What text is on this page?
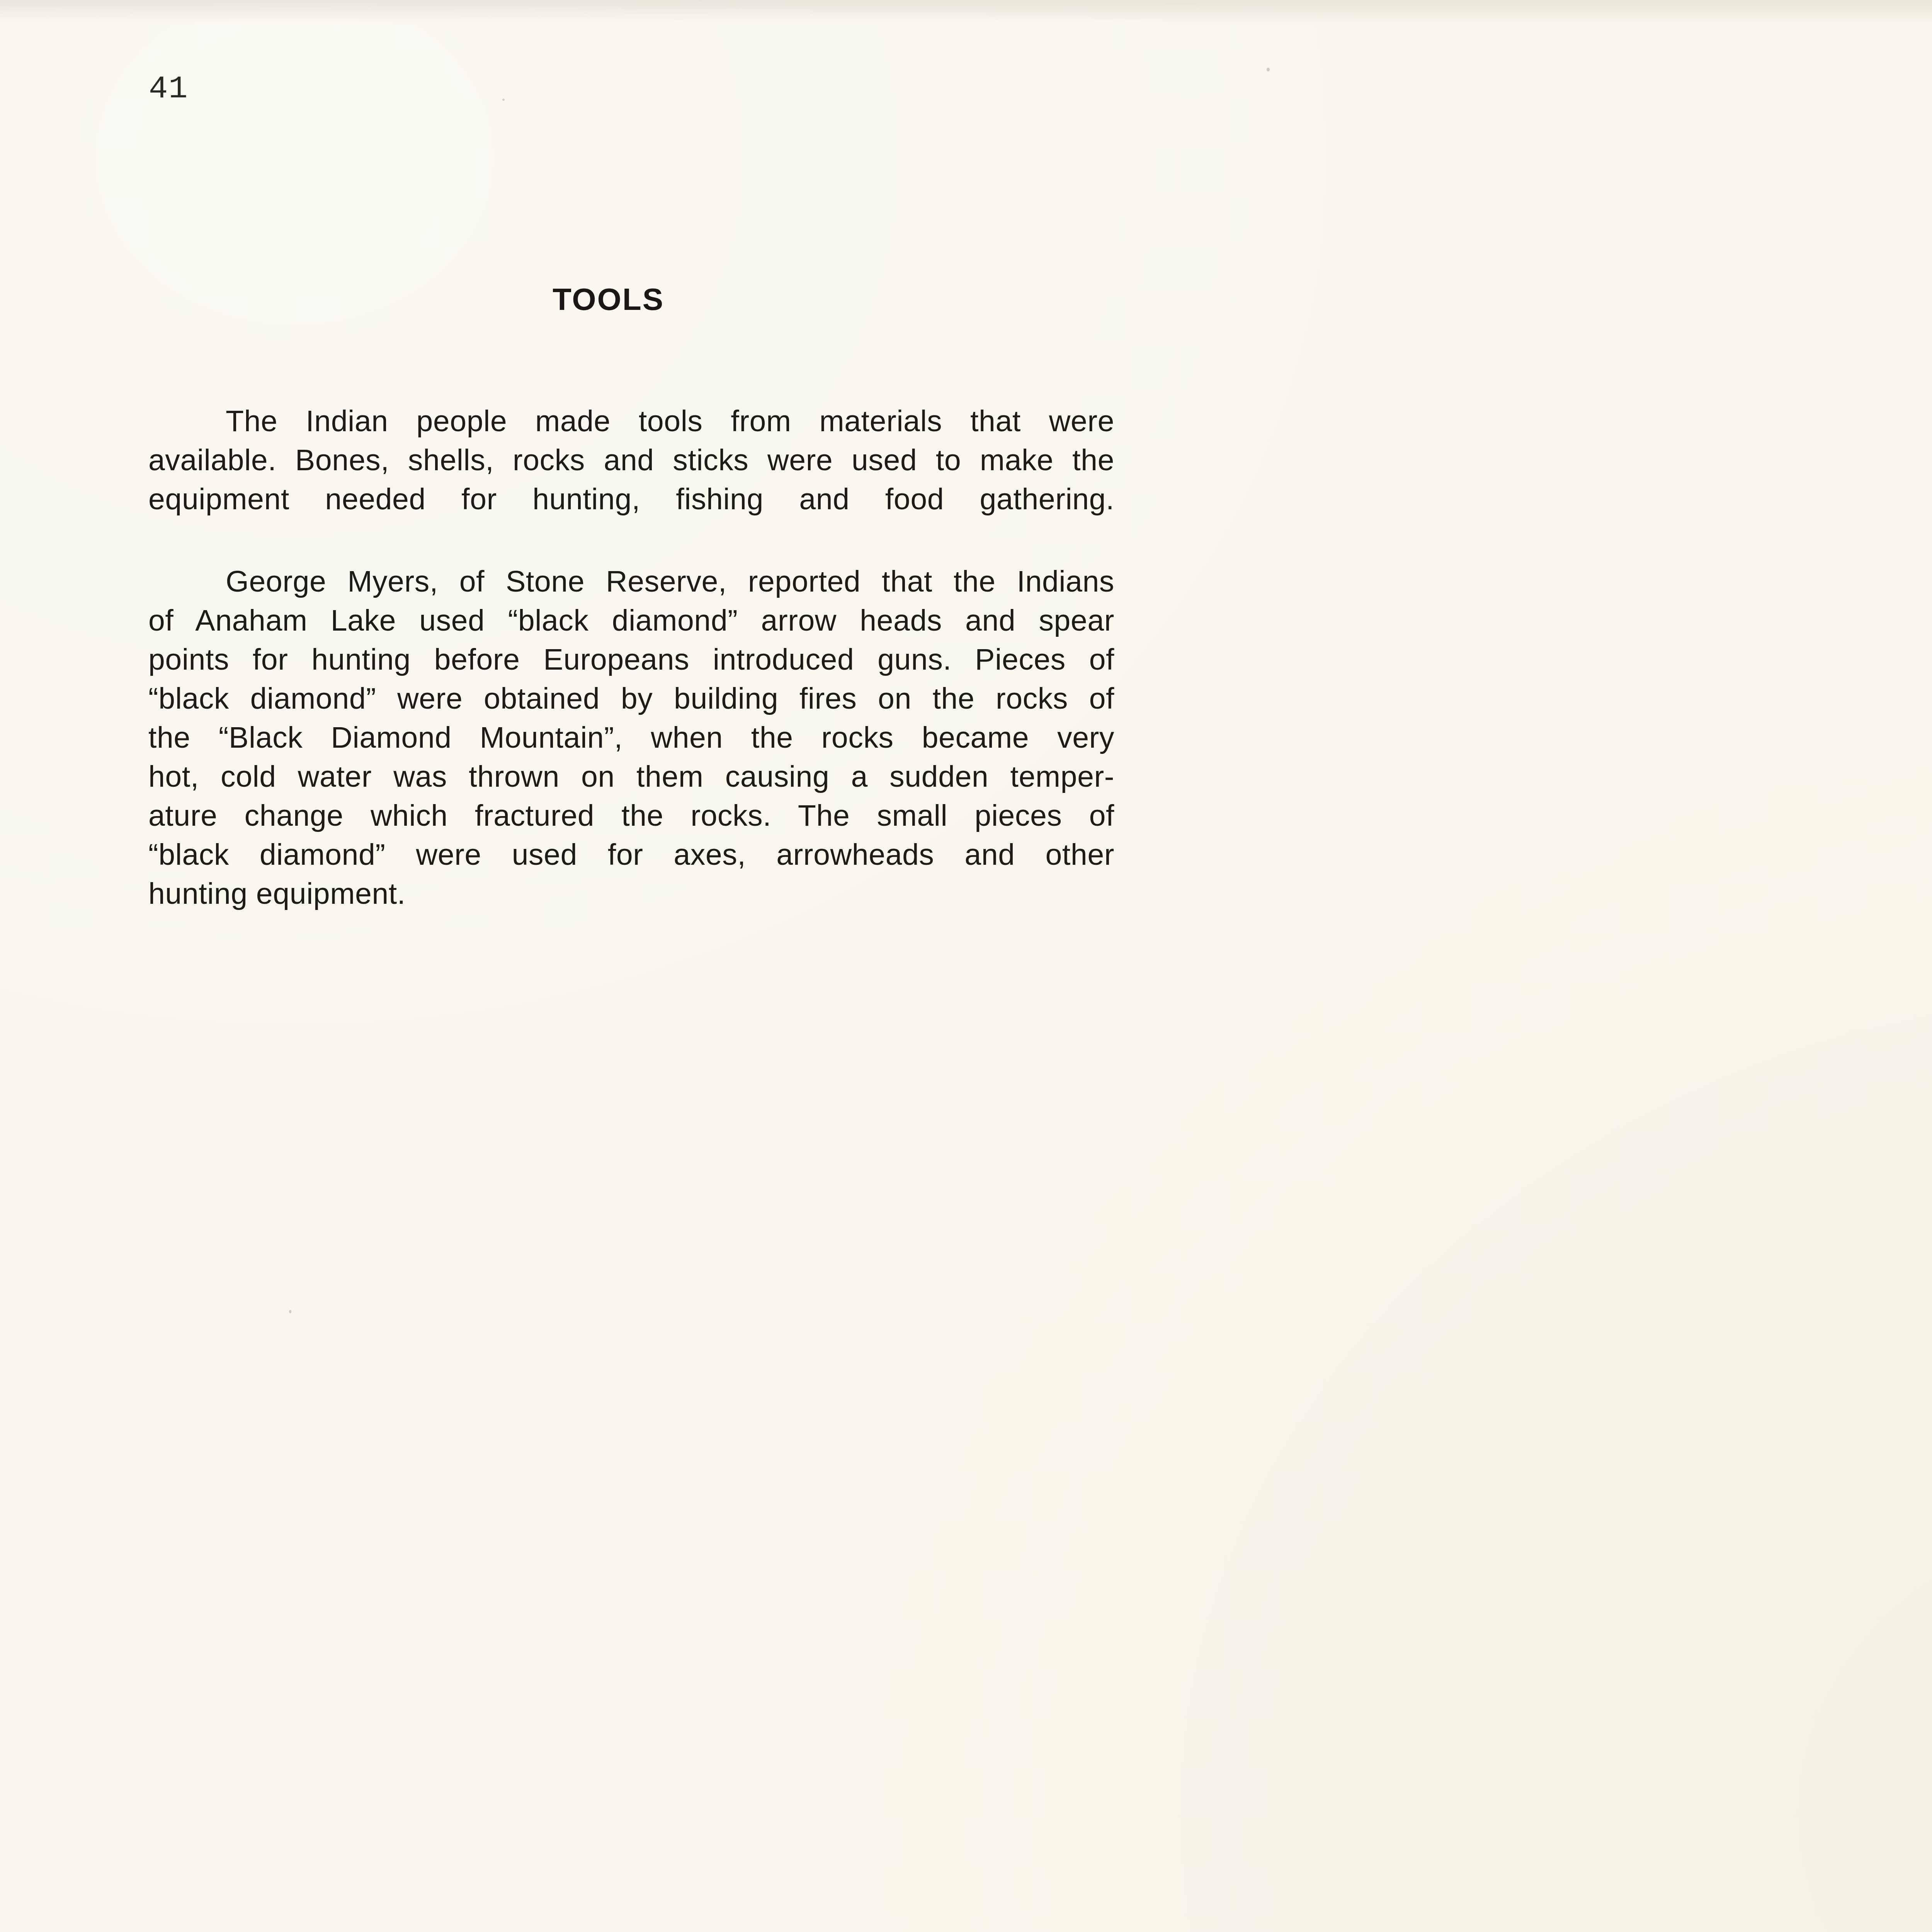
41
TOOLS
The Indian people made tools from materials that were
available. Bones, shells, rocks and sticks were used to make the
equipment needed for hunting, fishing and food gathering.
George Myers, of Stone Reserve, reported that the Indians
of Anaham Lake used “black diamond” arrow heads and spear
points for hunting before Europeans introduced guns. Pieces of
“black diamond” were obtained by building fires on the rocks of
the “Black Diamond Mountain”, when the rocks became very
hot, cold water was thrown on them causing a sudden temper-
ature change which fractured the rocks. The small pieces of
“black diamond” were used for axes, arrowheads and other
hunting equipment.
